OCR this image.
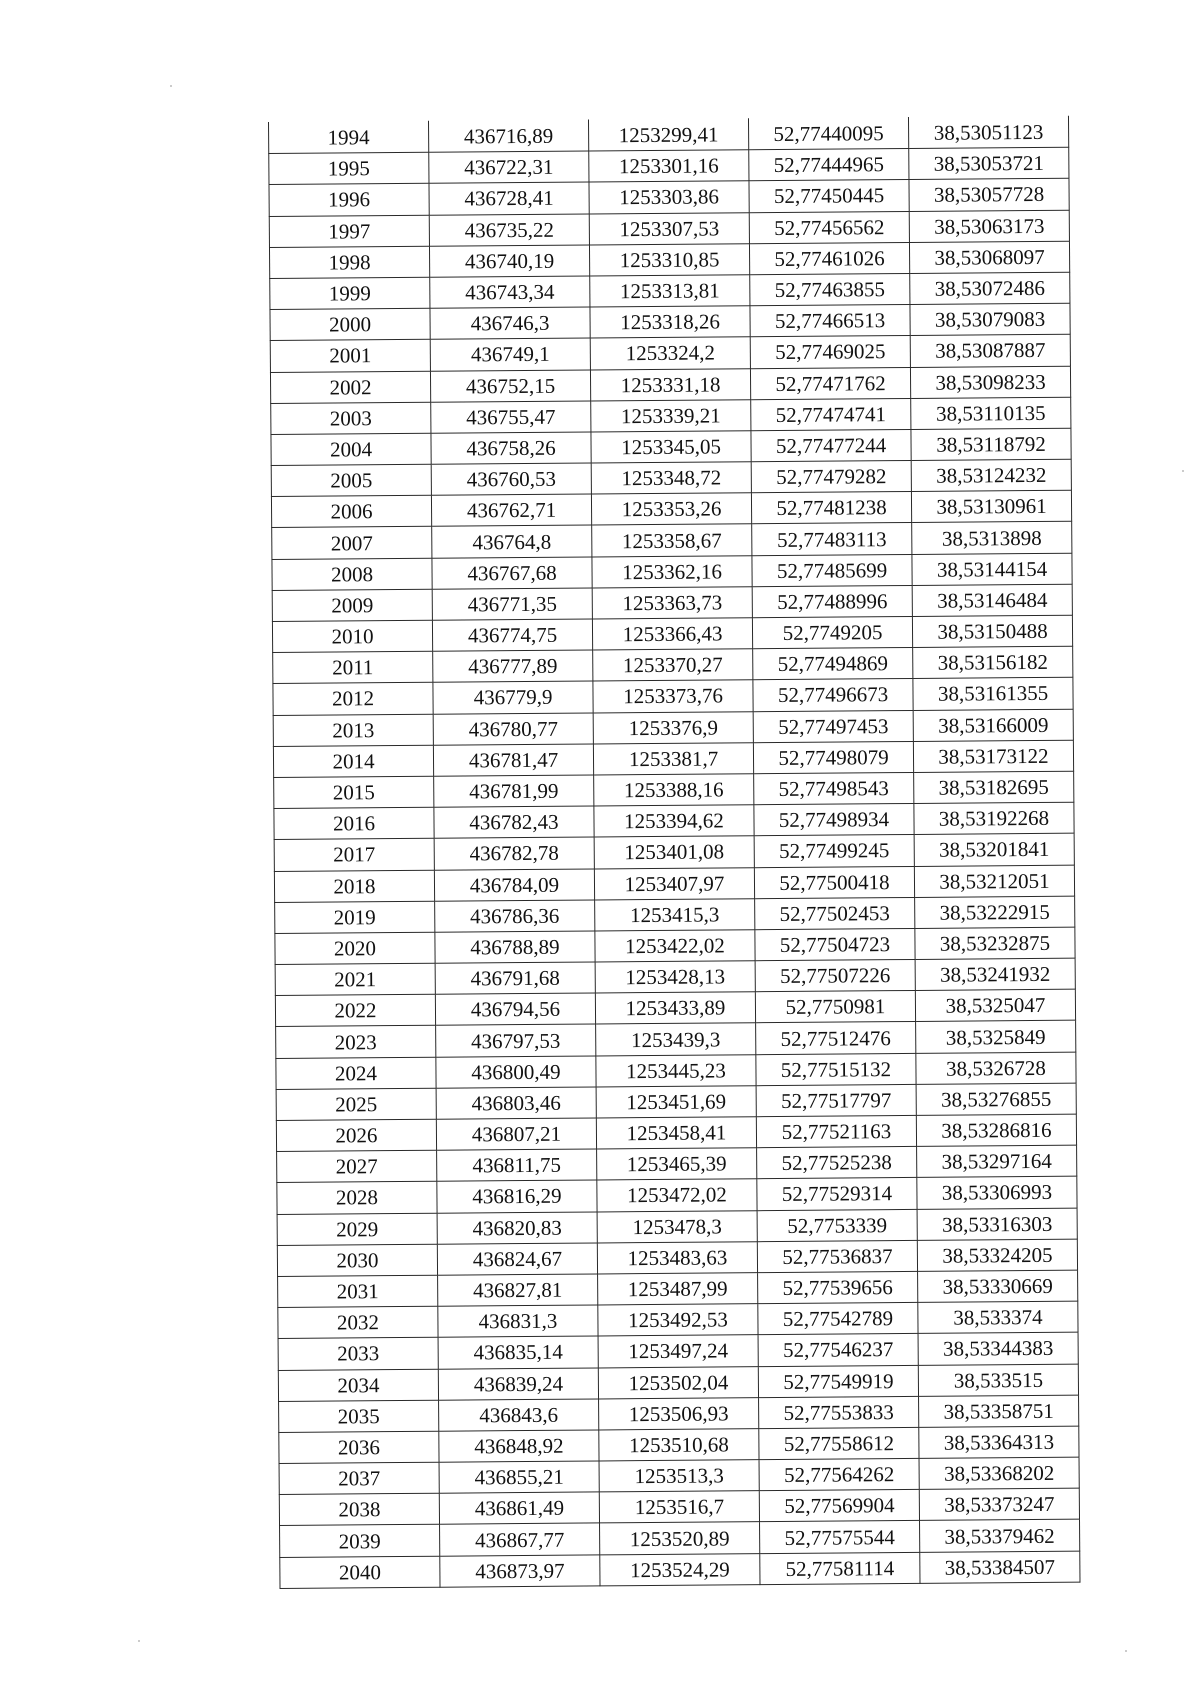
1994	436716,89	1253299,41	52,77440095	38,53051123
1995	436722,31	1253301,16	52,77444965	38,53053721
1996	436728,41	1253303,86	52,77450445	38,53057728
1997	436735,22	1253307,53	52,77456562	38,53063173
1998	436740,19	1253310,85	52,77461026	38,53068097
1999	436743,34	1253313,81	52,77463855	38,53072486
2000	436746,3	1253318,26	52,77466513	38,53079083
2001	436749,1	1253324,2	52,77469025	38,53087887
2002	436752,15	1253331,18	52,77471762	38,53098233
2003	436755,47	1253339,21	52,77474741	38,53110135
2004	436758,26	1253345,05	52,77477244	38,53118792
2005	436760,53	1253348,72	52,77479282	38,53124232
2006	436762,71	1253353,26	52,77481238	38,53130961
2007	436764,8	1253358,67	52,77483113	38,5313898
2008	436767,68	1253362,16	52,77485699	38,53144154
2009	436771,35	1253363,73	52,77488996	38,53146484
2010	436774,75	1253366,43	52,7749205	38,53150488
2011	436777,89	1253370,27	52,77494869	38,53156182
2012	436779,9	1253373,76	52,77496673	38,53161355
2013	436780,77	1253376,9	52,77497453	38,53166009
2014	436781,47	1253381,7	52,77498079	38,53173122
2015	436781,99	1253388,16	52,77498543	38,53182695
2016	436782,43	1253394,62	52,77498934	38,53192268
2017	436782,78	1253401,08	52,77499245	38,53201841
2018	436784,09	1253407,97	52,77500418	38,53212051
2019	436786,36	1253415,3	52,77502453	38,53222915
2020	436788,89	1253422,02	52,77504723	38,53232875
2021	436791,68	1253428,13	52,77507226	38,53241932
2022	436794,56	1253433,89	52,7750981	38,5325047
2023	436797,53	1253439,3	52,77512476	38,5325849
2024	436800,49	1253445,23	52,77515132	38,5326728
2025	436803,46	1253451,69	52,77517797	38,53276855
2026	436807,21	1253458,41	52,77521163	38,53286816
2027	436811,75	1253465,39	52,77525238	38,53297164
2028	436816,29	1253472,02	52,77529314	38,53306993
2029	436820,83	1253478,3	52,7753339	38,53316303
2030	436824,67	1253483,63	52,77536837	38,53324205
2031	436827,81	1253487,99	52,77539656	38,53330669
2032	436831,3	1253492,53	52,77542789	38,533374
2033	436835,14	1253497,24	52,77546237	38,53344383
2034	436839,24	1253502,04	52,77549919	38,533515
2035	436843,6	1253506,93	52,77553833	38,53358751
2036	436848,92	1253510,68	52,77558612	38,53364313
2037	436855,21	1253513,3	52,77564262	38,53368202
2038	436861,49	1253516,7	52,77569904	38,53373247
2039	436867,77	1253520,89	52,77575544	38,53379462
2040	436873,97	1253524,29	52,77581114	38,53384507
